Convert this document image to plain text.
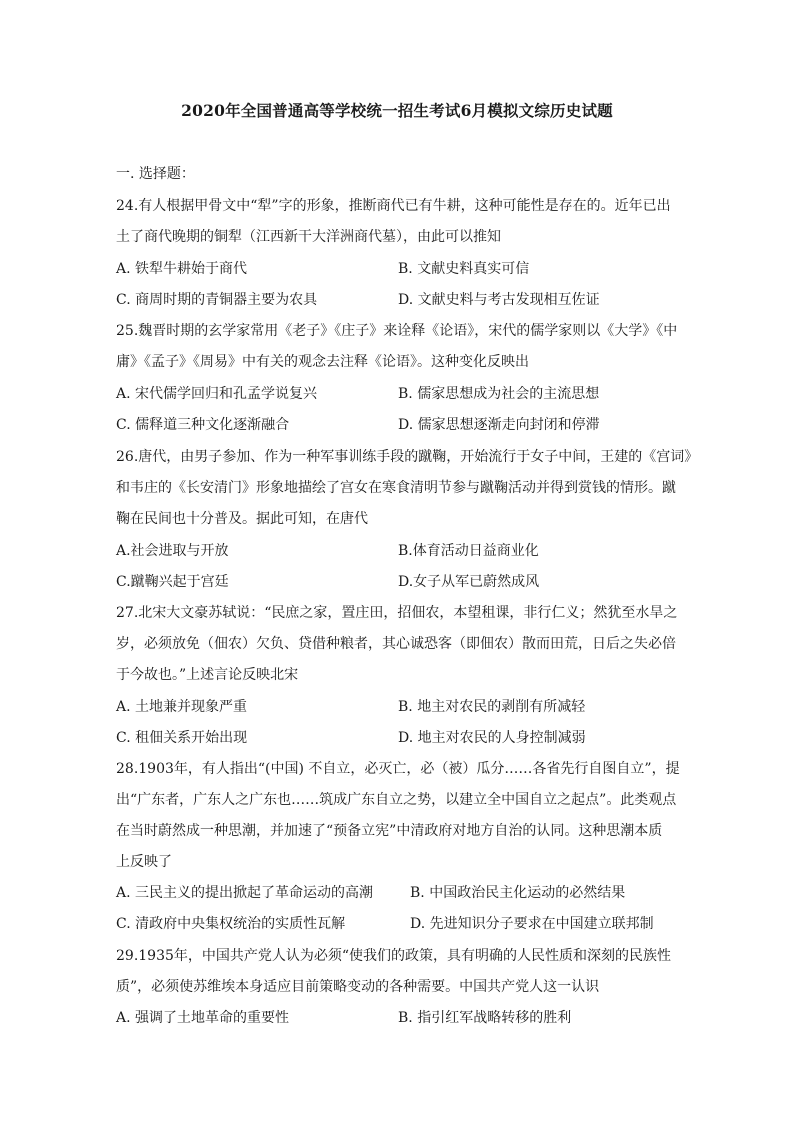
2020年全国普通高等学校统一招生考试6月模拟文综历史试题
一. 选择题：
24.有人根据甲骨文中“犁”字的形象，推断商代已有牛耕，这种可能性是存在的。近年已出
土了商代晚期的铜犁（江西新干大洋洲商代墓），由此可以推知
A. 铁犁牛耕始于商代	B. 文献史料真实可信
C. 商周时期的青铜器主要为农具	D. 文献史料与考古发现相互佐证
25.魏晋时期的玄学家常用《老子》《庄子》来诠释《论语》，宋代的儒学家则以《大学》《中
庸》《孟子》《周易》中有关的观念去注释《论语》。这种变化反映出
A. 宋代儒学回归和孔孟学说复兴	B. 儒家思想成为社会的主流思想
C. 儒释道三种文化逐渐融合	D. 儒家思想逐渐走向封闭和停滞
26.唐代，由男子参加、作为一种军事训练手段的蹴鞠，开始流行于女子中间，王建的《宫词》
和韦庄的《长安清门》形象地描绘了宫女在寒食清明节参与蹴鞠活动并得到赏钱的情形。蹴
鞠在民间也十分普及。据此可知，在唐代
A.社会进取与开放	B.体育活动日益商业化
C.蹴鞠兴起于宫廷	D.女子从军已蔚然成风
27.北宋大文豪苏轼说：“民庶之家，置庄田，招佃农，本望租课，非行仁义；然犹至水旱之
岁，必须放免（佃农）欠负、贷借种粮者，其心诚恐客（即佃农）散而田荒，日后之失必倍
于今故也。”上述言论反映北宋
A. 土地兼并现象严重	B. 地主对农民的剥削有所减轻
C. 租佃关系开始出现	D. 地主对农民的人身控制减弱
28.1903年，有人指出“(中国) 不自立，必灭亡，必（被）瓜分……各省先行自图自立”，提
出“广东者，广东人之广东也……筑成广东自立之势，以建立全中国自立之起点”。此类观点
在当时蔚然成一种思潮，并加速了“预备立宪”中清政府对地方自治的认同。这种思潮本质
上反映了
A. 三民主义的提出掀起了革命运动的高潮	B. 中国政治民主化运动的必然结果
C. 清政府中央集权统治的实质性瓦解	D. 先进知识分子要求在中国建立联邦制
29.1935年，中国共产党人认为必须“使我们的政策，具有明确的人民性质和深刻的民族性
质”，必须使苏维埃本身适应目前策略变动的各种需要。中国共产党人这一认识
A. 强调了土地革命的重要性	B. 指引红军战略转移的胜利
